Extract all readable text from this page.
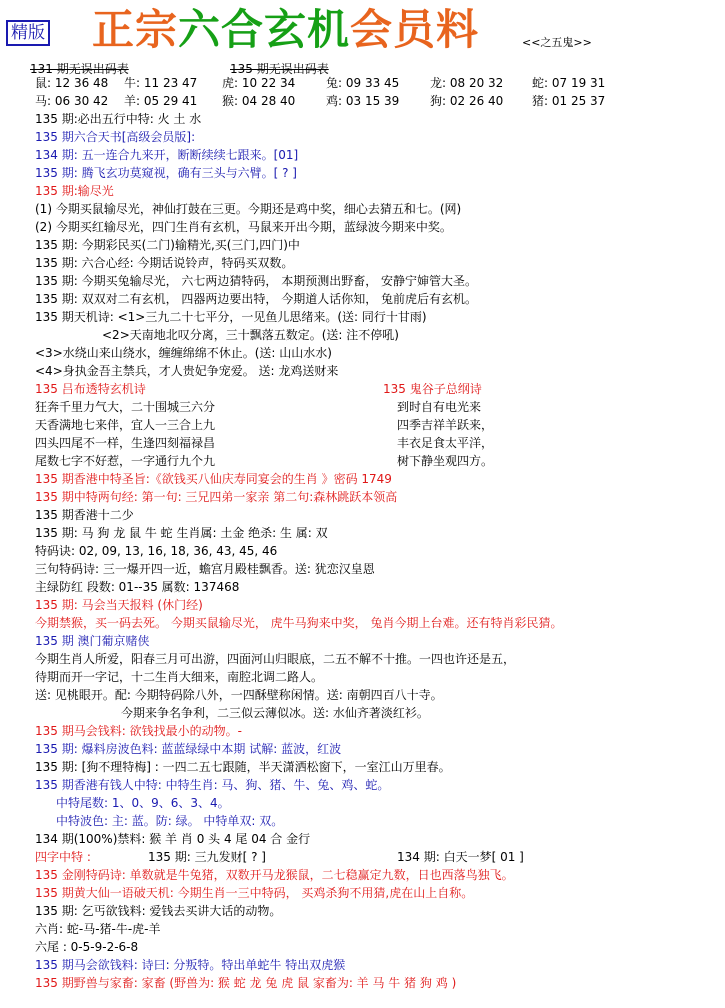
精版 正宗六合玄机会员料	<<之五鬼>>
131 期无误出码表	135 期无误出码表
鼠: 12 36 48 牛: 11 23 47 虎: 10 22 34	兔: 09 33 45	龙: 08 20 32 蛇: 07 19 31
马: 06 30 42 羊: 05 29 41 猴: 04 28 40	鸡: 03 15 39	狗: 02 26 40 猪: 01 25 37
135 期:必出五行中特: 火 土 水
135 期六合天书[高级会员版]:
134 期: 五一连合九来开，断断续续七跟来。[01]
135 期: 腾飞玄功莫窥视，确有三头与六臂。[ ? ]
135 期:输尽光
(1) 今期买鼠输尽光，神仙打鼓在三更。今期还是鸡中奖，细心去猜五和七。(网)
(2) 今期买红输尽光，四门生肖有玄机，马鼠来开出今期，蓝绿波今期来中奖。
135 期: 今期彩民买(二门)输精光,买(三门,四门)中
135 期: 六合心经: 今期话说铃声，特码买双数。
135 期: 今期买兔输尽光， 六七两边猜特码， 本期预测出野畜， 安静宁婶管大圣。
135 期: 双双对二有玄机， 四器两边要出特， 今期道人话你知， 兔前虎后有玄机。
135 期天机诗: <1>三九二十七平分，一见鱼儿思绪来。(送: 同行十甘雨)
<2>天南地北叹分离，三十飘落五数定。(送: 注不停吼)
<3>水绕山来山绕水，缠缠绵绵不休止。(送: 山山水水)
<4>身执金吾主禁兵，才人贵妃争宠爱。 送: 龙鸡送财来
135 吕布透特玄机诗	135 鬼谷子总纲诗
狂奔千里力气大，二十围城三六分	到时自有电光来
天香满地七来伴，宜人一三合上九	四季吉祥羊跃来，
四头四尾不一样，生逢四刻福禄昌	丰衣足食太平洋，
尾数七字不好惹，一字通行九个九	树下静坐观四方。
135 期香港中特圣旨:《欲钱买八仙庆寿同宴会的生肖 》密码 1749
135 期中特两句经: 第一句: 三兄四弟一家亲 第二句:森林跳跃本领高
135 期香港十二少
135 期: 马 狗 龙 鼠 牛 蛇 生肖属: 土金 绝杀: 生 属: 双
特码诀: 02, 09, 13, 16, 18, 36, 43, 45, 46
三句特码诗: 三一爆开四一近，蟾宫月殿桂飘香。送: 犹恋汉皇恩
主绿防红 段数: 01--35 属数: 137468
135 期: 马会当天报料 (休门经)
今期禁猴，买一码去死。 今期买鼠输尽光， 虎牛马狗来中奖， 兔肖今期上台难。还有特肖彩民猜。
135 期 澳门葡京赌侠
今期生肖人所爱，阳春三月可出游，四面河山归眼底，二五不解不十推。一四也许还是五，
待期而开一字记，十二生肖大细来，南腔北调二路人。
送: 见桃眼开。配: 今期特码除八外，一四酥壁称闲情。送: 南朝四百八十寺。
今期来争名争利，二三似云薄似冰。送: 水仙齐著淡红衫。
135 期马会钱料: 欲钱找最小的动物。-
135 期: 爆料房波色料: 蓝蓝绿绿中本期 试解: 蓝波，红波
135 期: [狗不理特梅] : 一四二五七跟随，半天潇洒松窗下，一室江山万里春。
135 期香港有钱人中特: 中特生肖: 马、狗、猪、牛、兔、鸡、蛇。
中特尾数: 1、0、9、6、3、4。
中特波色: 主: 蓝。防: 绿。 中特单双: 双。
134 期(100%)禁料: 猴 羊 肖 0 头 4 尾 04 合 金行
四字中特 :	135 期: 三九发财[ ? ]	134 期: 白天一梦[ 01 ]
135 金刚特码诗: 单数就是牛兔猪，双数开马龙猴鼠，二七稳赢定九数，日也西落鸟独飞。
135 期黄大仙一语破天机: 今期生肖一三中特码， 买鸡杀狗不用猜,虎在山上自称。
135 期: 乞丐欲钱料: 爱钱去买讲大话的动物。
六肖: 蛇-马-猪-牛-虎-羊
六尾 : 0-5-9-2-6-8
135 期马会欲钱料: 诗曰: 分叛特。特出单蛇牛 特出双虎猴
135 期野兽与家畜: 家畜 (野兽为: 猴 蛇 龙 兔 虎 鼠 家畜为: 羊 马 牛 猪 狗 鸡 )
